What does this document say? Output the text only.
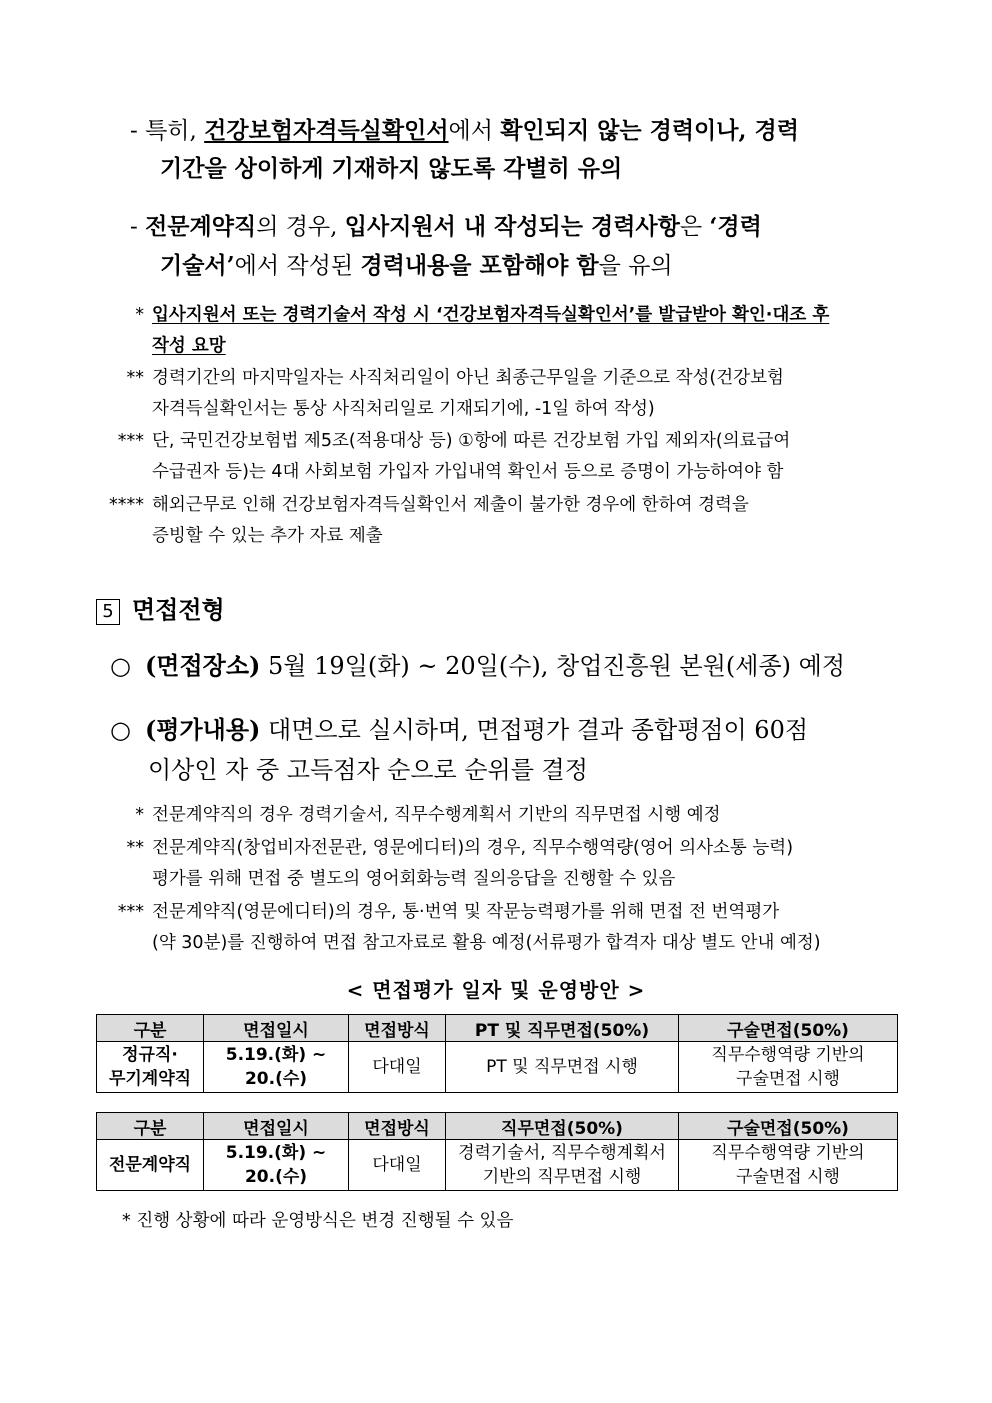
- 특히, 건강보험자격득실확인서에서 확인되지 않는 경력이나, 경력
기간을 상이하게 기재하지 않도록 각별히 유의
- 전문계약직의 경우, 입사지원서 내 작성되는 경력사항은 ‘경력
기술서’에서 작성된 경력내용을 포함해야 함을 유의
* 입사지원서 또는 경력기술서 작성 시 ‘건강보험자격득실확인서’를 발급받아 확인·대조 후
작성 요망
** 경력기간의 마지막일자는 사직처리일이 아닌 최종근무일을 기준으로 작성(건강보험
자격득실확인서는 통상 사직처리일로 기재되기에, -1일 하여 작성)
*** 단, 국민건강보험법 제5조(적용대상 등) ①항에 따른 건강보험 가입 제외자(의료급여
수급권자 등)는 4대 사회보험 가입자 가입내역 확인서 등으로 증명이 가능하여야 함
**** 해외근무로 인해 건강보험자격득실확인서 제출이 불가한 경우에 한하여 경력을
증빙할 수 있는 추가 자료 제출
5 면접전형
○ (면접장소) 5월 19일(화) ~ 20일(수), 창업진흥원 본원(세종) 예정
○ (평가내용) 대면으로 실시하며, 면접평가 결과 종합평점이 60점
이상인 자 중 고득점자 순으로 순위를 결정
* 전문계약직의 경우 경력기술서, 직무수행계획서 기반의 직무면접 시행 예정
** 전문계약직(창업비자전문관, 영문에디터)의 경우, 직무수행역량(영어 의사소통 능력)
평가를 위해 면접 중 별도의 영어회화능력 질의응답을 진행할 수 있음
*** 전문계약직(영문에디터)의 경우, 통·번역 및 작문능력평가를 위해 면접 전 번역평가
(약 30분)를 진행하여 면접 참고자료로 활용 예정(서류평가 합격자 대상 별도 안내 예정)
< 면접평가 일자 및 운영방안 >
구분	면접일시	면접방식	PT 및 직무면접(50%)	구술면접(50%)
정규직·
무기계약직	5.19.(화) ~
20.(수)	다대일	PT 및 직무면접 시행	직무수행역량 기반의
구술면접 시행
구분	면접일시	면접방식	직무면접(50%)	구술면접(50%)
전문계약직	5.19.(화) ~
20.(수)	다대일	경력기술서, 직무수행계획서
기반의 직무면접 시행	직무수행역량 기반의
구술면접 시행
* 진행 상황에 따라 운영방식은 변경 진행될 수 있음
